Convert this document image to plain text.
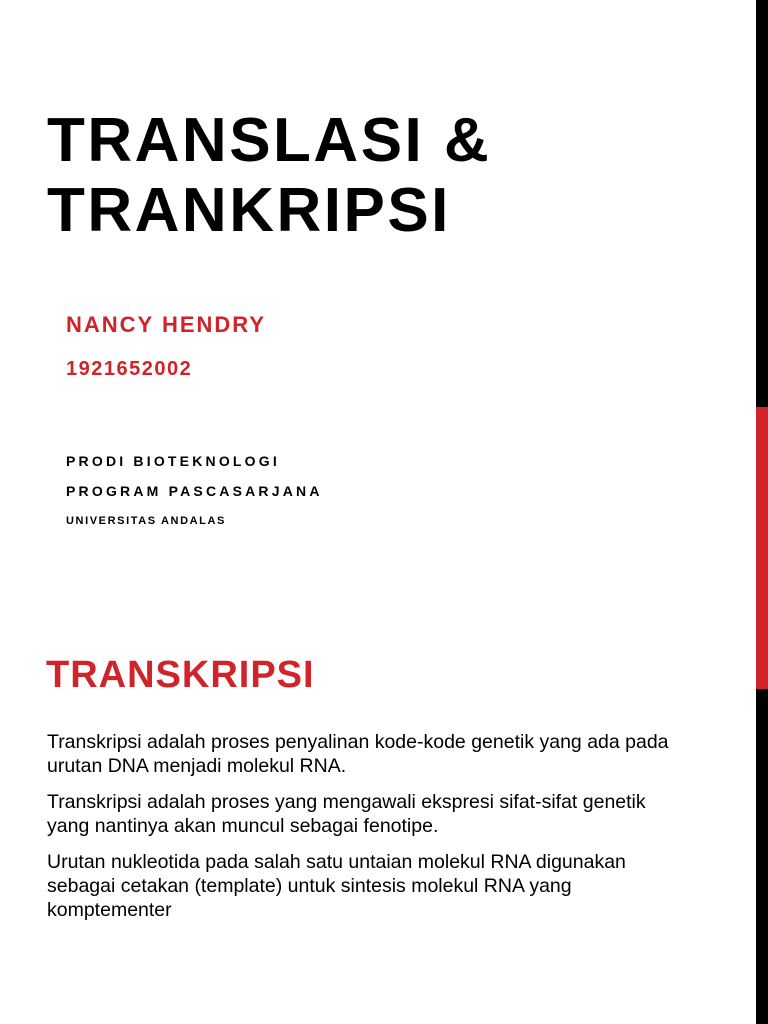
TRANSLASI &
TRANKRIPSI

NANCY HENDRY

1921652002

PRODI BIOTEKNOLOGI

PROGRAM PASCASARJANA

UNIVERSITAS ANDALAS

TRANSKRIPSI

Transkripsi adalah proses penyalinan kode-kode genetik yang ada pada urutan DNA menjadi molekul RNA.

Transkripsi adalah proses yang mengawali ekspresi sifat-sifat genetik yang nantinya akan muncul sebagai fenotipe.

Urutan nukleotida pada salah satu untaian molekul RNA digunakan sebagai cetakan (template) untuk sintesis molekul RNA yang komptementer
